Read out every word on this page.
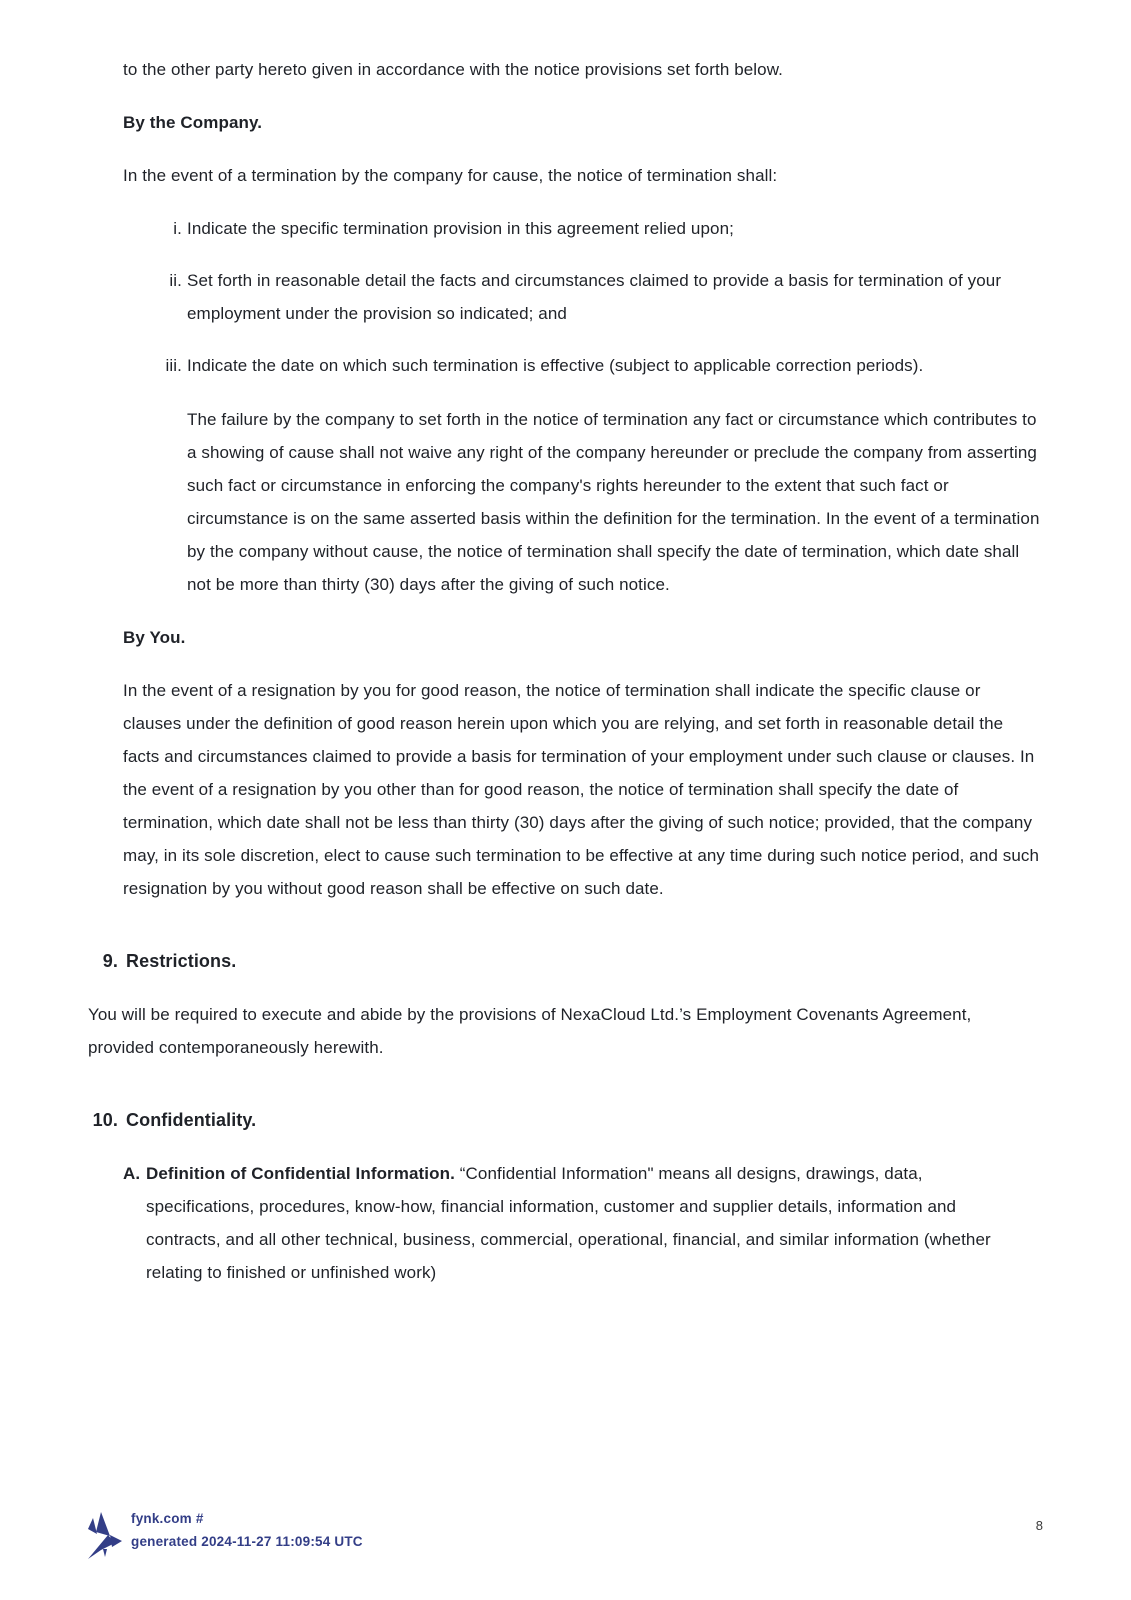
to the other party hereto given in accordance with the notice provisions set forth below.

By the Company.

In the event of a termination by the company for cause, the notice of termination shall:

i. Indicate the specific termination provision in this agreement relied upon;
ii. Set forth in reasonable detail the facts and circumstances claimed to provide a basis for termination of your employment under the provision so indicated; and
iii. Indicate the date on which such termination is effective (subject to applicable correction periods).

The failure by the company to set forth in the notice of termination any fact or circumstance which contributes to a showing of cause shall not waive any right of the company hereunder or preclude the company from asserting such fact or circumstance in enforcing the company's rights hereunder to the extent that such fact or circumstance is on the same asserted basis within the definition for the termination. In the event of a termination by the company without cause, the notice of termination shall specify the date of termination, which date shall not be more than thirty (30) days after the giving of such notice.

By You.

In the event of a resignation by you for good reason, the notice of termination shall indicate the specific clause or clauses under the definition of good reason herein upon which you are relying, and set forth in reasonable detail the facts and circumstances claimed to provide a basis for termination of your employment under such clause or clauses. In the event of a resignation by you other than for good reason, the notice of termination shall specify the date of termination, which date shall not be less than thirty (30) days after the giving of such notice; provided, that the company may, in its sole discretion, elect to cause such termination to be effective at any time during such notice period, and such resignation by you without good reason shall be effective on such date.

9. Restrictions.

You will be required to execute and abide by the provisions of NexaCloud Ltd.’s Employment Covenants Agreement, provided contemporaneously herewith.

10. Confidentiality.
A. Definition of Confidential Information. “Confidential Information" means all designs, drawings, data, specifications, procedures, know-how, financial information, customer and supplier details, information and contracts, and all other technical, business, commercial, operational, financial, and similar information (whether relating to finished or unfinished work)
fynk.com #
generated 2024-11-27 11:09:54 UTC
8
